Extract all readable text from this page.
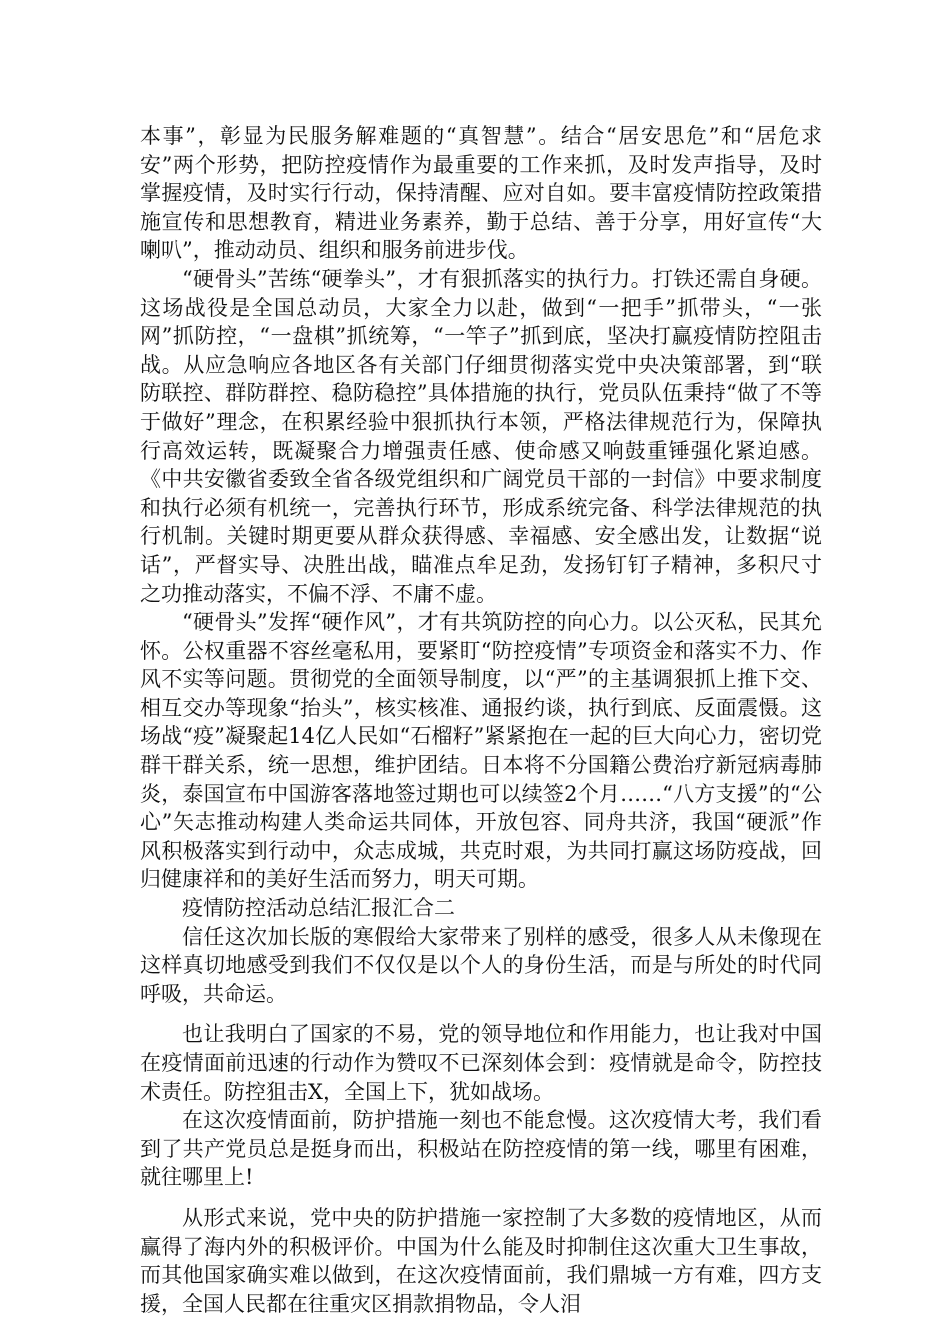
本事”，彰显为民服务解难题的“真智慧”。结合“居安思危”和“居危求安”两个形势，把防控疫情作为最重要的工作来抓，及时发声指导，及时掌握疫情，及时实行行动，保持清醒、应对自如。要丰富疫情防控政策措施宣传和思想教育，精进业务素养，勤于总结、善于分享，用好宣传“大喇叭”，推动动员、组织和服务前进步伐。

“硬骨头”苦练“硬拳头”，才有狠抓落实的执行力。打铁还需自身硬。这场战役是全国总动员，大家全力以赴，做到“一把手”抓带头，“一张网”抓防控，“一盘棋”抓统筹，“一竿子”抓到底，坚决打赢疫情防控阻击战。从应急响应各地区各有关部门仔细贯彻落实党中央决策部署，到“联防联控、群防群控、稳防稳控”具体措施的执行，党员队伍秉持“做了不等于做好”理念，在积累经验中狠抓执行本领，严格法律规范行为，保障执行高效运转，既凝聚合力增强责任感、使命感又响鼓重锤强化紧迫感。《中共安徽省委致全省各级党组织和广阔党员干部的一封信》中要求制度和执行必须有机统一，完善执行环节，形成系统完备、科学法律规范的执行机制。关键时期更要从群众获得感、幸福感、安全感出发，让数据“说话”，严督实导、决胜出战，瞄准点牟足劲，发扬钉钉子精神，多积尺寸之功推动落实，不偏不浮、不庸不虚。

“硬骨头”发挥“硬作风”，才有共筑防控的向心力。以公灭私，民其允怀。公权重器不容丝毫私用，要紧盯“防控疫情”专项资金和落实不力、作风不实等问题。贯彻党的全面领导制度，以“严”的主基调狠抓上推下交、相互交办等现象“抬头”，核实核准、通报约谈，执行到底、反面震慑。这场战“疫”凝聚起14亿人民如“石榴籽”紧紧抱在一起的巨大向心力，密切党群干群关系，统一思想，维护团结。日本将不分国籍公费治疗新冠病毒肺炎，泰国宣布中国游客落地签过期也可以续签2个月……“八方支援”的“公心”矢志推动构建人类命运共同体，开放包容、同舟共济，我国“硬派”作风积极落实到行动中，众志成城，共克时艰，为共同打赢这场防疫战，回归健康祥和的美好生活而努力，明天可期。

疫情防控活动总结汇报汇合二

信任这次加长版的寒假给大家带来了别样的感受，很多人从未像现在这样真切地感受到我们不仅仅是以个人的身份生活，而是与所处的时代同呼吸，共命运。

也让我明白了国家的不易，党的领导地位和作用能力，也让我对中国在疫情面前迅速的行动作为赞叹不已深刻体会到：疫情就是命令，防控技术责任。防控狙击X，全国上下，犹如战场。

在这次疫情面前，防护措施一刻也不能怠慢。这次疫情大考，我们看到了共产党员总是挺身而出，积极站在防控疫情的第一线，哪里有困难，就往哪里上!

从形式来说，党中央的防护措施一家控制了大多数的疫情地区，从而赢得了海内外的积极评价。中国为什么能及时抑制住这次重大卫生事故，而其他国家确实难以做到，在这次疫情面前，我们鼎城一方有难，四方支援，全国人民都在往重灾区捐款捐物品，令人泪
